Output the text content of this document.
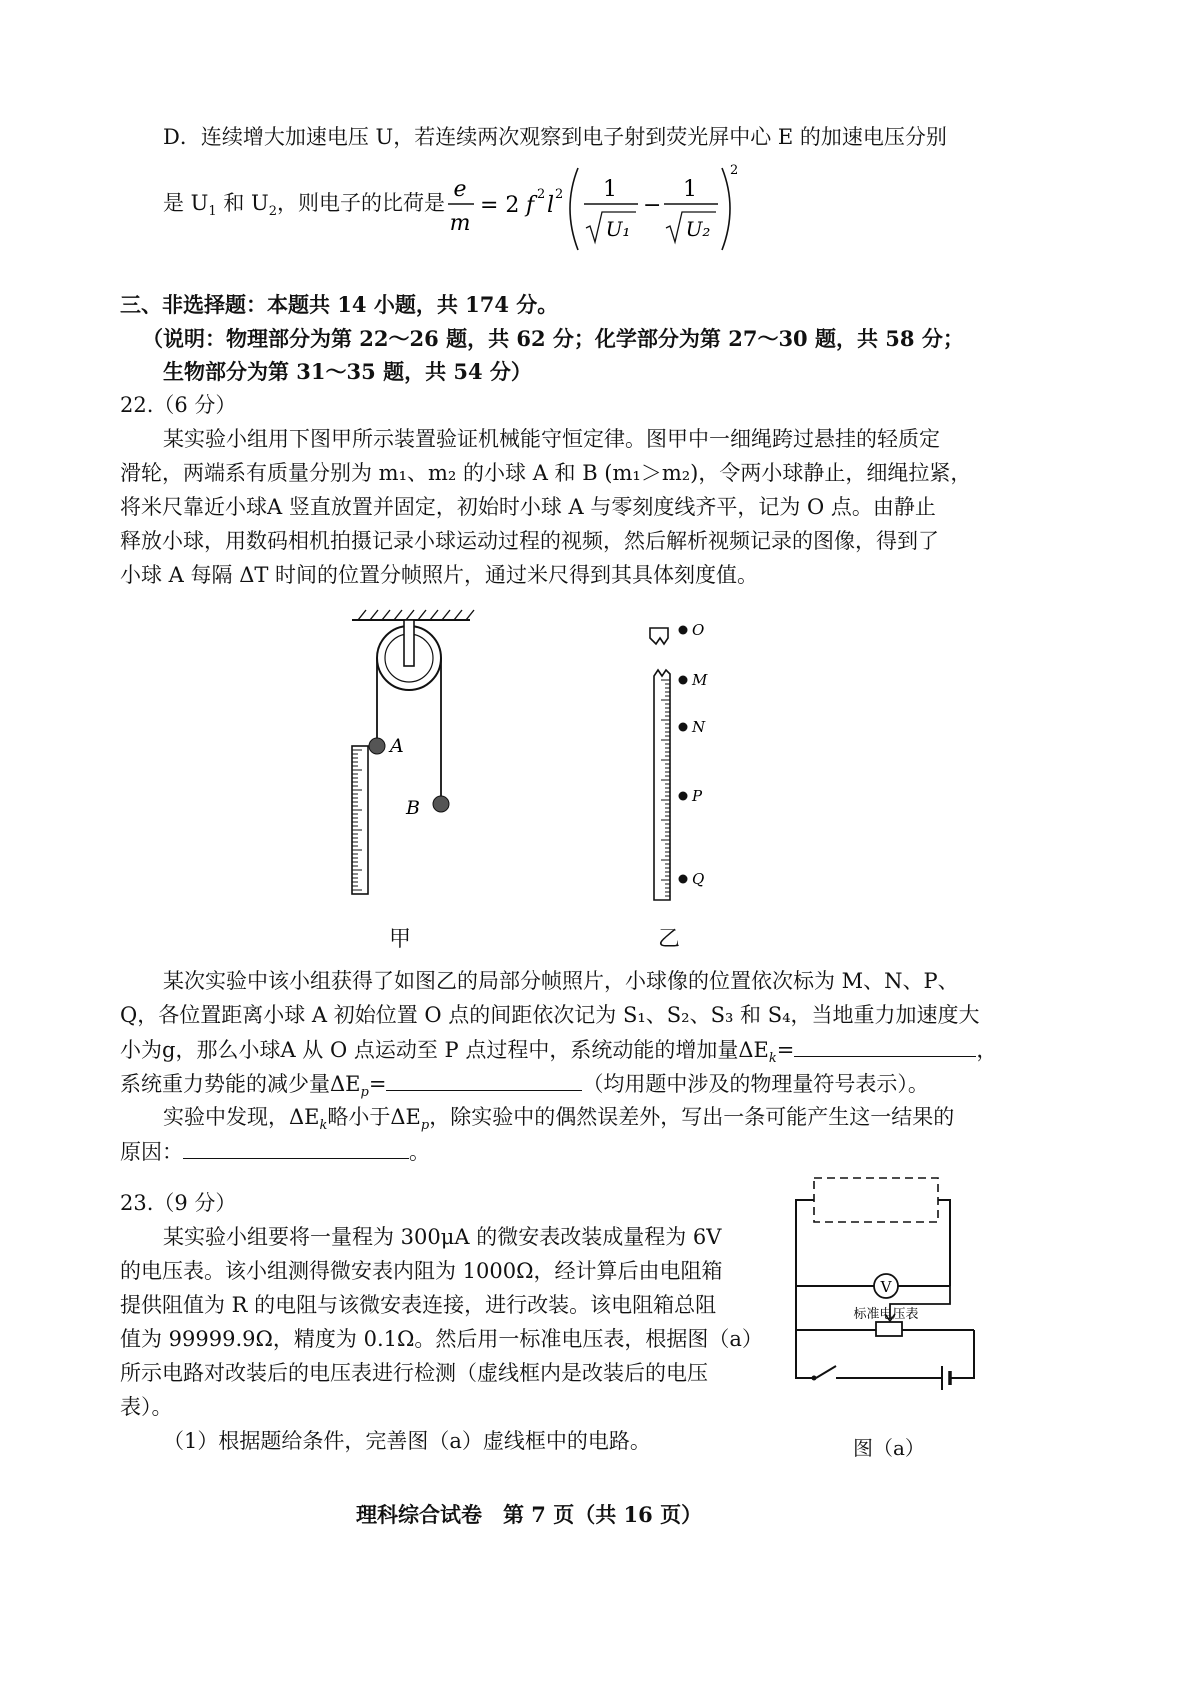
D．连续增大加速电压 U，若连续两次观察到电子射到荧光屏中心 E 的加速电压分别
是 $U_1$ 和 $U_2$，则电子的比荷是
e
m
= 2 f 2 l 2 1
U₁
−
1
U₂
2
三、非选择题：本题共 14 小题，共 174 分。
（说明：物理部分为第 22～26 题，共 62 分；化学部分为第 27～30 题，共 58 分；
生物部分为第 31～35 题，共 54 分）
22.（6 分）
某实验小组用下图甲所示装置验证机械能守恒定律。图甲中一细绳跨过悬挂的轻质定
滑轮，两端系有质量分别为 m₁、m₂ 的小球 A 和 B (m₁＞m₂)，令两小球静止，细绳拉紧，
将米尺靠近小球A 竖直放置并固定，初始时小球 A 与零刻度线齐平，记为 O 点。由静止
释放小球，用数码相机拍摄记录小球运动过程的视频，然后解析视频记录的图像，得到了
小球 A 每隔 ΔT 时间的位置分帧照片，通过米尺得到其具体刻度值。
A
B
甲
O
M
N
P
Q
乙
某次实验中该小组获得了如图乙的局部分帧照片，小球像的位置依次标为 M、N、P、
Q，各位置距离小球 A 初始位置 O 点的间距依次记为 S₁、S₂、S₃ 和 S₄，当地重力加速度大
小为g，那么小球A 从 O 点运动至 P 点过程中，系统动能的增加量$\Delta E_k=$	，
系统重力势能的减少量$\Delta E_p=$	（均用题中涉及的物理量符号表示）。
实验中发现，$\Delta E_k$略小于$\Delta E_p$，除实验中的偶然误差外，写出一条可能产生这一结果的
原因：	。
23.（9 分）
某实验小组要将一量程为 300μA 的微安表改装成量程为 6V
的电压表。该小组测得微安表内阻为 1000Ω，经计算后由电阻箱
提供阻值为 R 的电阻与该微安表连接，进行改装。该电阻箱总阻
值为 99999.9Ω，精度为 0.1Ω。然后用一标准电压表，根据图（a）
所示电路对改装后的电压表进行检测（虚线框内是改装后的电压
表）。
（1）根据题给条件，完善图（a）虚线框中的电路。
V
标准电压表
图（a）
理科综合试卷　第 7 页（共 16 页）
